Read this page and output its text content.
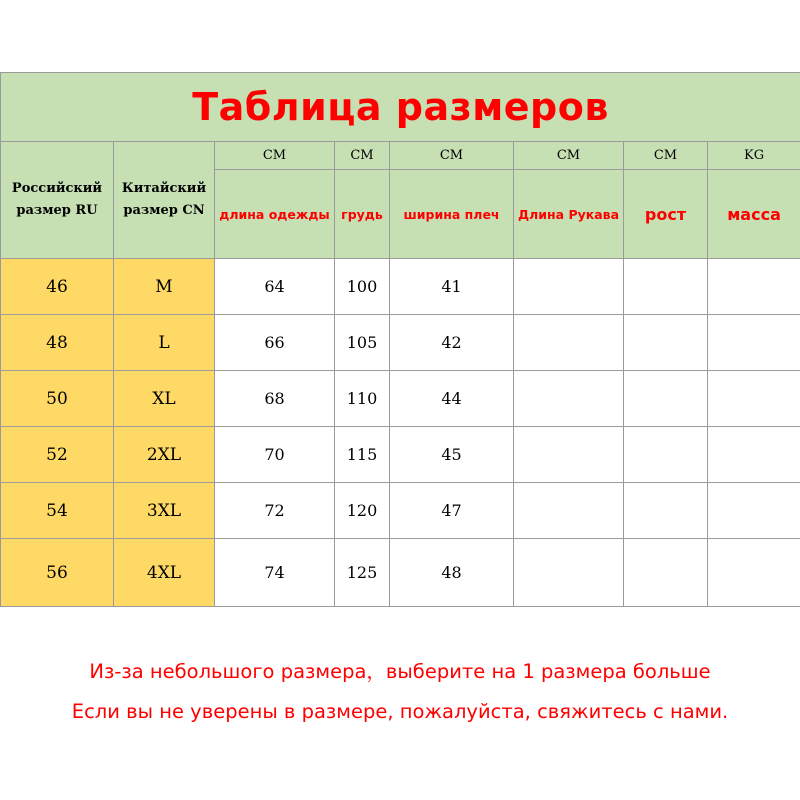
Таблица размеров							
Российский размер RU	Китайский размер CN	СМ	СМ	СМ	СМ	СМ	KG
		длина одежды	грудь	ширина плеч	Длина Рукава	рост	масса
46	M	64	100	41			
48	L	66	105	42			
50	XL	68	110	44			
52	2XL	70	115	45			
54	3XL	72	120	47			
56	4XL	74	125	48			
Из-за небольшого размера，выберите на 1 размера больше
Если вы не уверены в размере, пожалуйста, свяжитесь с нами.
